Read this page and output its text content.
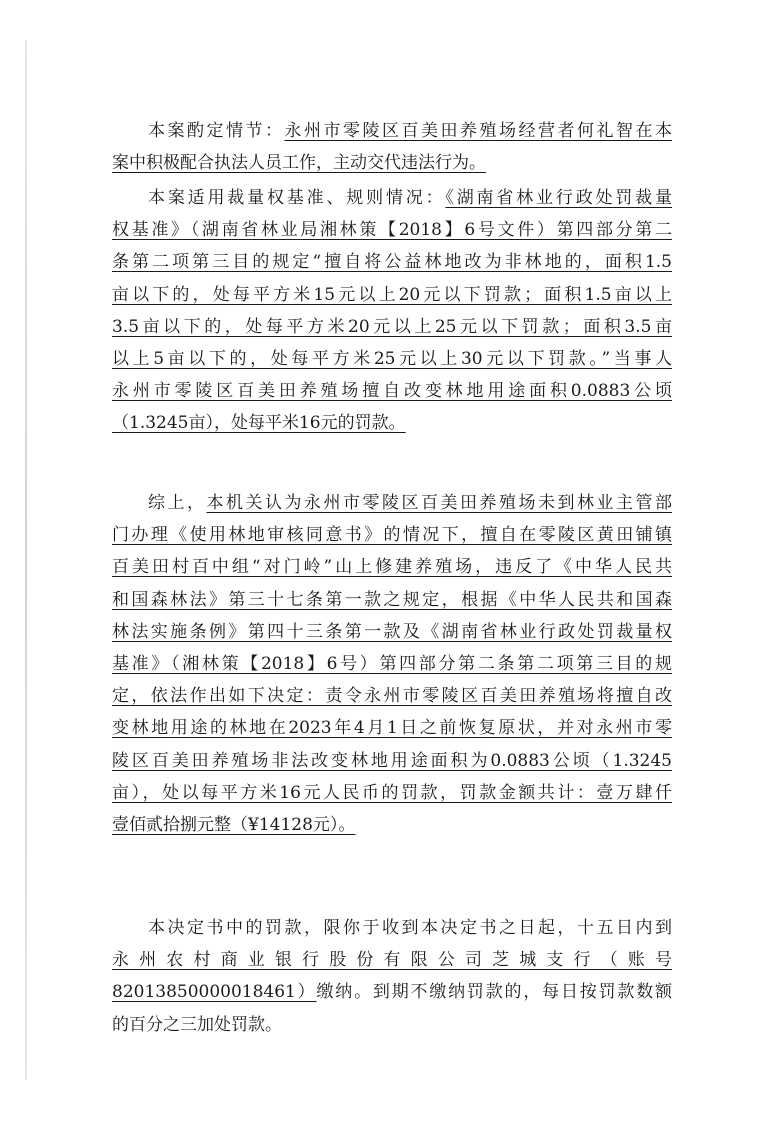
本案酌定情节：永州市零陵区百美田养殖场经营者何礼智在本
案中积极配合执法人员工作，主动交代违法行为。
本案适用裁量权基准、规则情况：《湖南省林业行政处罚裁量
权基准》（湖南省林业局湘林策【2018】6号文件）第四部分第二
条第二项第三目的规定“擅自将公益林地改为非林地的，面积1.5
亩以下的，处每平方米15元以上20元以下罚款；面积1.5亩以上
3.5亩以下的，处每平方米20元以上25元以下罚款；面积3.5亩
以上5亩以下的，处每平方米25元以上30元以下罚款。”当事人
永州市零陵区百美田养殖场擅自改变林地用途面积0.0883公顷
（1.3245亩），处每平米16元的罚款。
综上，本机关认为永州市零陵区百美田养殖场未到林业主管部
门办理《使用林地审核同意书》的情况下，擅自在零陵区黄田铺镇
百美田村百中组“对门岭”山上修建养殖场，违反了《中华人民共
和国森林法》第三十七条第一款之规定，根据《中华人民共和国森
林法实施条例》第四十三条第一款及《湖南省林业行政处罚裁量权
基准》（湘林策【2018】6号）第四部分第二条第二项第三目的规
定，依法作出如下决定：责令永州市零陵区百美田养殖场将擅自改
变林地用途的林地在2023年4月1日之前恢复原状，并对永州市零
陵区百美田养殖场非法改变林地用途面积为0.0883公顷（1.3245
亩），处以每平方米16元人民币的罚款，罚款金额共计：壹万肆仟
壹佰贰拾捌元整（¥14128元）。
本决定书中的罚款，限你于收到本决定书之日起，十五日内到
永州农村商业银行股份有限公司芝城支行（账号
82013850000018461）缴纳。到期不缴纳罚款的，每日按罚款数额
的百分之三加处罚款。
